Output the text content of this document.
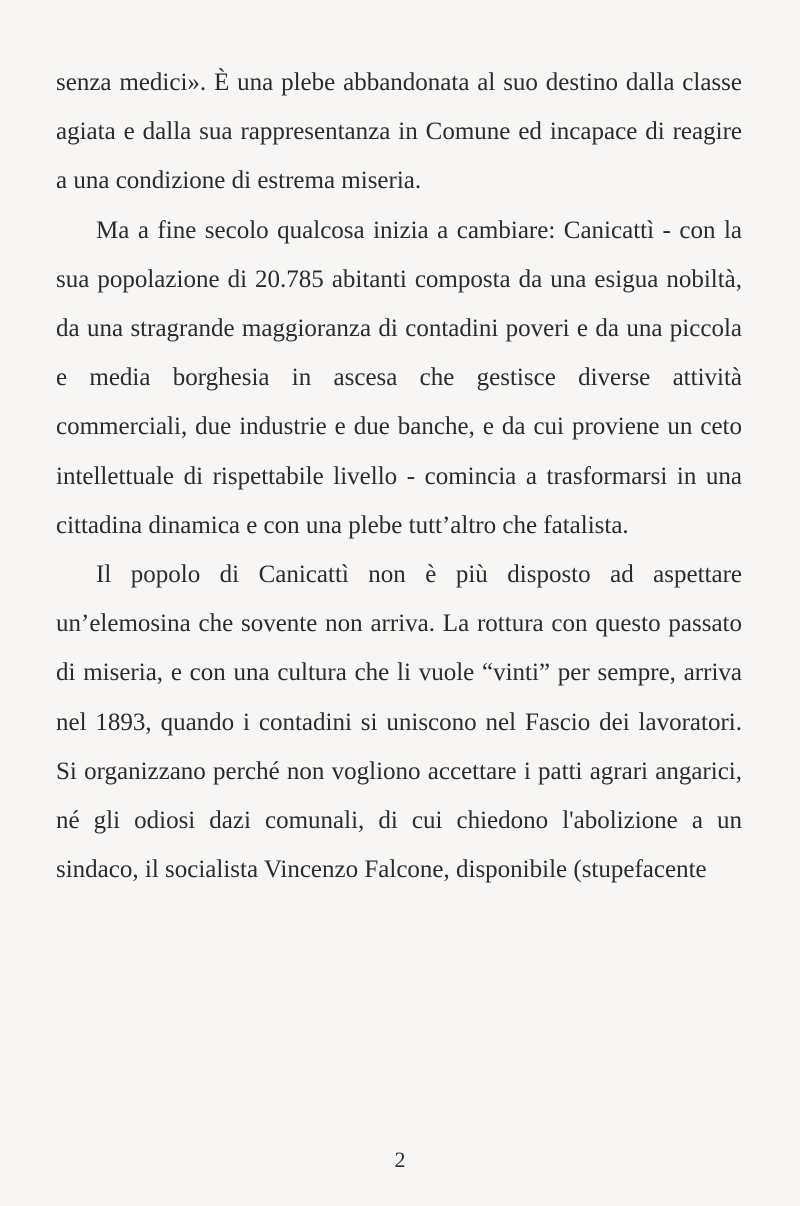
senza medici». È una plebe abbandonata al suo destino dalla classe agiata e dalla sua rappresentanza in Comune ed incapace di reagire a una condizione di estrema miseria.

Ma a fine secolo qualcosa inizia a cambiare: Canicattì - con la sua popolazione di 20.785 abitanti composta da una esigua nobiltà, da una stragrande maggioranza di contadini poveri e da una piccola e media borghesia in ascesa che gestisce diverse attività commerciali, due industrie e due banche, e da cui proviene un ceto intellettuale di rispettabile livello - comincia a trasformarsi in una cittadina dinamica e con una plebe tutt’altro che fatalista.

Il popolo di Canicattì non è più disposto ad aspettare un’elemosina che sovente non arriva. La rottura con questo passato di miseria, e con una cultura che li vuole “vinti” per sempre, arriva nel 1893, quando i contadini si uniscono nel Fascio dei lavoratori. Si organizzano perché non vogliono accettare i patti agrari angarici, né gli odiosi dazi comunali, di cui chiedono l'abolizione a un sindaco, il socialista Vincenzo Falcone, disponibile (stupefacente

2
